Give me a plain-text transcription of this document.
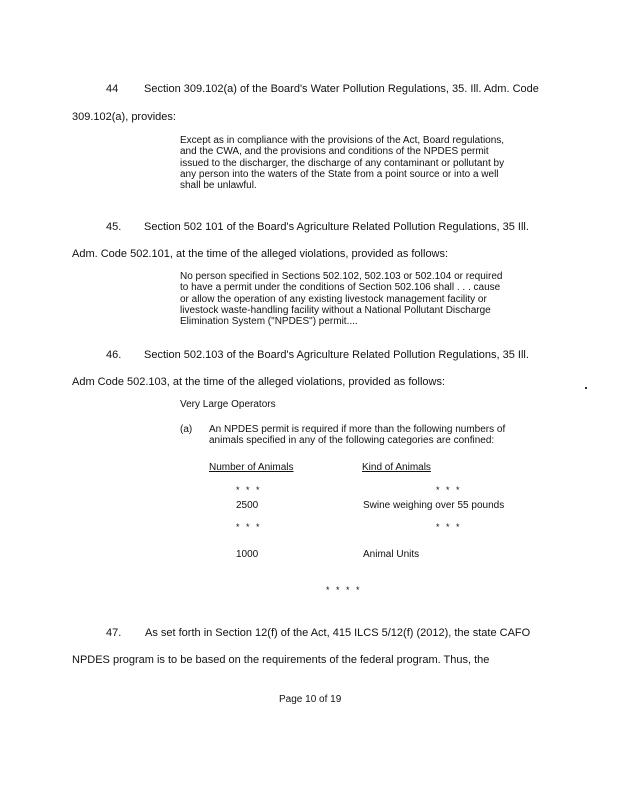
44 Section 309.102(a) of the Board's Water Pollution Regulations, 35. Ill. Adm. Code
309.102(a), provides:
Except as in compliance with the provisions of the Act, Board regulations,
and the CWA, and the provisions and conditions of the NPDES permit
issued to the discharger, the discharge of any contaminant or pollutant by
any person into the waters of the State from a point source or into a well
shall be unlawful.
45. Section 502 101 of the Board's Agriculture Related Pollution Regulations, 35 Ill.
Adm. Code 502.101, at the time of the alleged violations, provided as follows:
No person specified in Sections 502.102, 502.103 or 502.104 or required
to have a permit under the conditions of Section 502.106 shall . . . cause
or allow the operation of any existing livestock management facility or
livestock waste-handling facility without a National Pollutant Discharge
Elimination System ("NPDES") permit....
46. Section 502.103 of the Board's Agriculture Related Pollution Regulations, 35 Ill.
Adm Code 502.103, at the time of the alleged violations, provided as follows:
Very Large Operators
(a) An NPDES permit is required if more than the following numbers of
animals specified in any of the following categories are confined:
Number of Animals	Kind of Animals
* * *	* * *
2500	Swine weighing over 55 pounds
* * *	* * *
1000	Animal Units
* * * *
47. As set forth in Section 12(f) of the Act, 415 ILCS 5/12(f) (2012), the state CAFO
NPDES program is to be based on the requirements of the federal program. Thus, the
Page 10 of 19
